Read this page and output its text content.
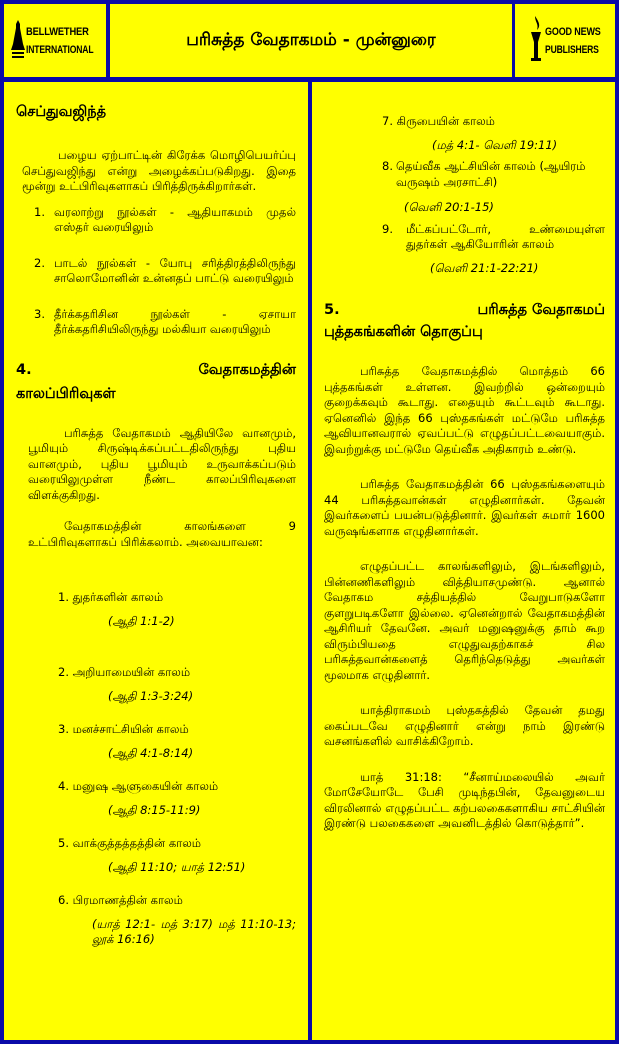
BELLWETHER
INTERNATIONAL
பரிசுத்த வேதாகமம் - முன்னுரை	GOOD NEWS
PUBLISHERS
செப்துவஜிந்த்

பழைய ஏற்பாட்டின் கிரேக்க மொழிபெயர்ப்பு செப்துவஜிந்து என்று அழைக்கப்படுகிறது. இதை மூன்று உட்பிரிவுகளாகப் பிரித்திருக்கிறார்கள்.

1. வரலாற்று நூல்கள் - ஆதியாகமம் முதல் எஸ்தர் வரையிலும்
2. பாடல் நூல்கள் - யோபு சரித்திரத்திலிருந்து சாலொமோனின் உன்னதப் பாட்டு வரையிலும்
3. தீர்க்கதரிசின நூல்கள் - ஏசாயா தீர்க்கதரிசியிலிருந்து மல்கியா வரையிலும்
4.	வேதாகமத்தின்
காலப்பிரிவுகள்

பரிசுத்த வேதாகமம் ஆதியிலே வானமும், பூமியும் சிருஷ்டிக்கப்பட்டதிலிருந்து புதிய வானமும், புதிய பூமியும் உருவாக்கப்படும் வரையிலுமுள்ள நீண்ட காலப்பிரிவுகளை விளக்குகிறது.

வேதாகமத்தின் காலங்களை 9 உட்பிரிவுகளாகப் பிரிக்கலாம். அவையாவன:

1. துதர்களின் காலம்
(ஆதி 1:1-2)
2. அறியாமையின் காலம்
(ஆதி 1:3-3:24)
3. மனச்சாட்சியின் காலம்
(ஆதி 4:1-8:14)
4. மனுஷ ஆளுகையின் காலம்
(ஆதி 8:15-11:9)
5. வாக்குத்தத்தத்தின் காலம்
(ஆதி 11:10; யாத் 12:51)
6. பிரமாணத்தின் காலம்
(யாத் 12:1- மத் 3:17) மத் 11:10-13; லூக் 16:16)
7. கிருபையின் காலம்
(மத் 4:1- வெளி 19:11)
8. தெய்வீக ஆட்சியின் காலம் (ஆயிரம் வருஷம் அரசாட்சி)
(வெளி 20:1-15)
9.	மீட்கப்பட்டோர், உண்மையுள்ள துதர்கள் ஆகியோரின் காலம்
(வெளி 21:1-22:21)
5.	பரிசுத்த வேதாகமப்
புத்தகங்களின் தொகுப்பு

பரிசுத்த வேதாகமத்தில் மொத்தம் 66 புத்தகங்கள் உள்ளன. இவற்றில் ஒன்றையும் குறைக்கவும் கூடாது. எதையும் கூட்டவும் கூடாது. ஏனெனில் இந்த 66 புஸ்தகங்கள் மட்டுமே பரிசுத்த ஆவியானவரால் ஏவப்பட்டு எழுதப்பட்டவையாகும். இவற்றுக்கு மட்டுமே தெய்வீக அதிகாரம் உண்டு.

பரிசுத்த வேதாகமத்தின் 66 புஸ்தகங்களையும் 44 பரிசுத்தவான்கள் எழுதினார்கள். தேவன் இவர்களைப் பயன்படுத்தினார். இவர்கள் சுமார் 1600 வருஷங்களாக எழுதினார்கள்.

எழுதப்பட்ட காலங்களிலும், இடங்களிலும், பின்னணிகளிலும் வித்தியாசமுண்டு. ஆனால் வேதாகம சத்தியத்தில் வேறுபாடுகளோ குளறுபடிகளோ இல்லை. ஏனென்றால் வேதாகமத்தின் ஆசிரியர் தேவனே. அவர் மனுஷனுக்கு தாம் கூற விரும்பியதை எழுதுவதற்காகச் சில பரிசுத்தவான்களைத் தெரிந்தெடுத்து அவர்கள் மூலமாக எழுதினார்.

யாத்திராகமம் புஸ்தகத்தில் தேவன் தமது கைப்படவே எழுதினார் என்று நாம் இரண்டு வசனங்களில் வாசிக்கிறோம்.

யாத் 31:18: “சீனாய்மலையில் அவர் மோசேயோடே பேசி முடிந்தபின், தேவனுடைய விரலினால் எழுதப்பட்ட கற்பலகைகளாகிய சாட்சியின் இரண்டு பலகைகளை அவனிடத்தில் கொடுத்தார்”.
